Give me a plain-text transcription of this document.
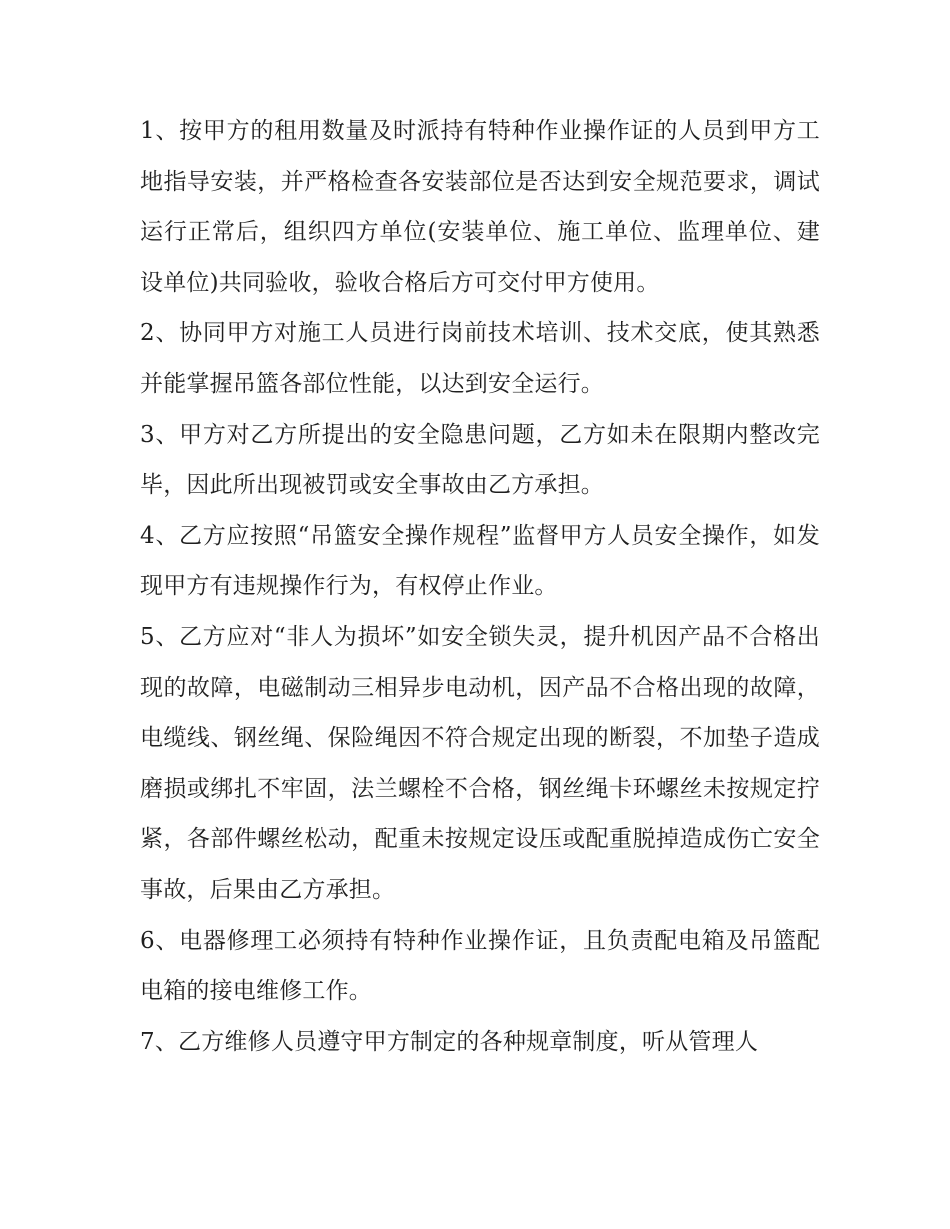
1、按甲方的租用数量及时派持有特种作业操作证的人员到甲方工地指导安装，并严格检查各安装部位是否达到安全规范要求，调试运行正常后，组织四方单位(安装单位、施工单位、监理单位、建设单位)共同验收，验收合格后方可交付甲方使用。

2、协同甲方对施工人员进行岗前技术培训、技术交底，使其熟悉并能掌握吊篮各部位性能，以达到安全运行。

3、甲方对乙方所提出的安全隐患问题，乙方如未在限期内整改完毕，因此所出现被罚或安全事故由乙方承担。

4、乙方应按照“吊篮安全操作规程”监督甲方人员安全操作，如发现甲方有违规操作行为，有权停止作业。

5、乙方应对“非人为损坏”如安全锁失灵，提升机因产品不合格出现的故障，电磁制动三相异步电动机，因产品不合格出现的故障，电缆线、钢丝绳、保险绳因不符合规定出现的断裂，不加垫子造成磨损或绑扎不牢固，法兰螺栓不合格，钢丝绳卡环螺丝未按规定拧紧，各部件螺丝松动，配重未按规定设压或配重脱掉造成伤亡安全事故，后果由乙方承担。

6、电器修理工必须持有特种作业操作证，且负责配电箱及吊篮配电箱的接电维修工作。

7、乙方维修人员遵守甲方制定的各种规章制度，听从管理人
